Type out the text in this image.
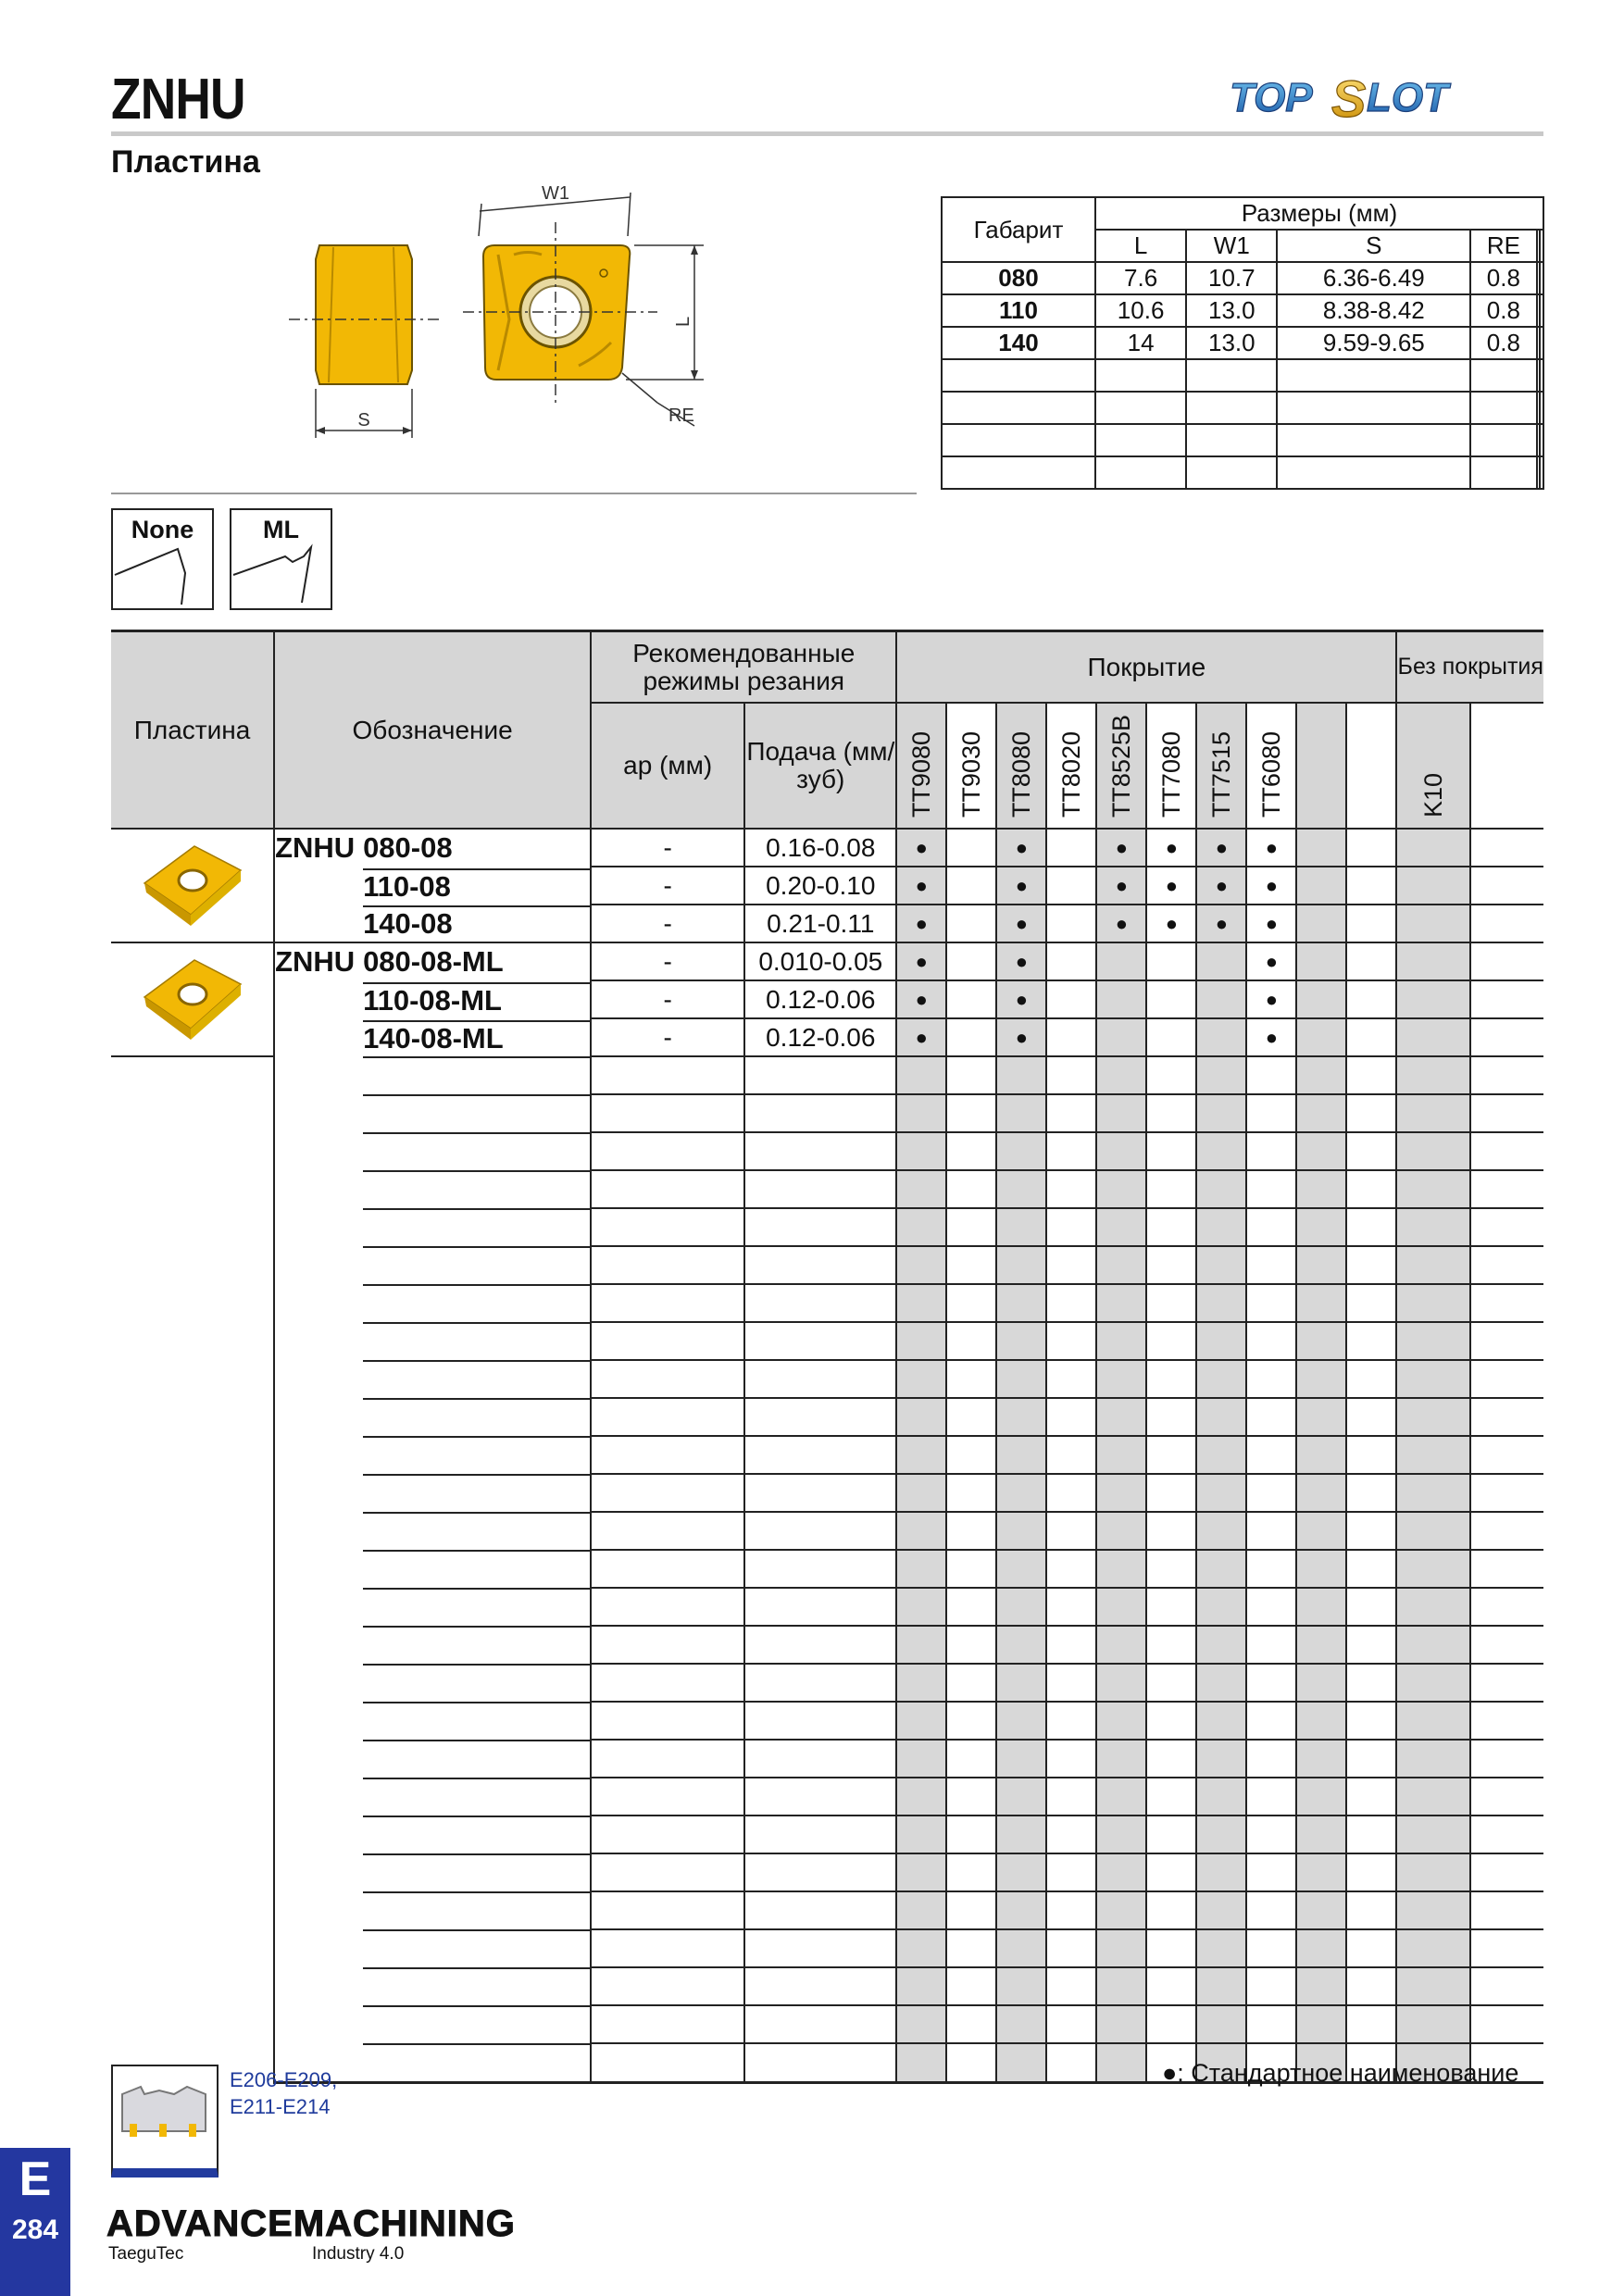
ZNHU
Пластина
TOP S LOT
S
W1
L
RE
Габарит	Размеры (мм)					
	L	W1	S	RE		
080	7.6	10.7	6.36-6.49	0.8		
110	10.6	13.0	8.38-8.42	0.8		
140	14	13.0	9.59-9.65	0.8		

None	ML
Пластина	Обозначение	Рекомендованные режимы резания		Покрытие										Без покрытия	
		ap (мм)	Подача (мм/зуб)	TT9080	TT9030	TT8080	TT8020	TT8525B	TT7080	TT7515	TT6080			K10	
	ZNHU 080-08	-	0.16-0.08	●		●		●	●	●	●				
	110-08	-	0.20-0.10	●		●		●	●	●	●				
	140-08	-	0.21-0.11	●		●		●	●	●	●				
	ZNHU 080-08-ML	-	0.010-0.05	●		●					●				
	110-08-ML	-	0.12-0.06	●		●					●				
	140-08-ML	-	0.12-0.06	●		●					●				

E206-E209,
E211-E214
●: Стандартное наименование
E
284	ADVANCEMACHINING
TaeguTec	Industry 4.0
